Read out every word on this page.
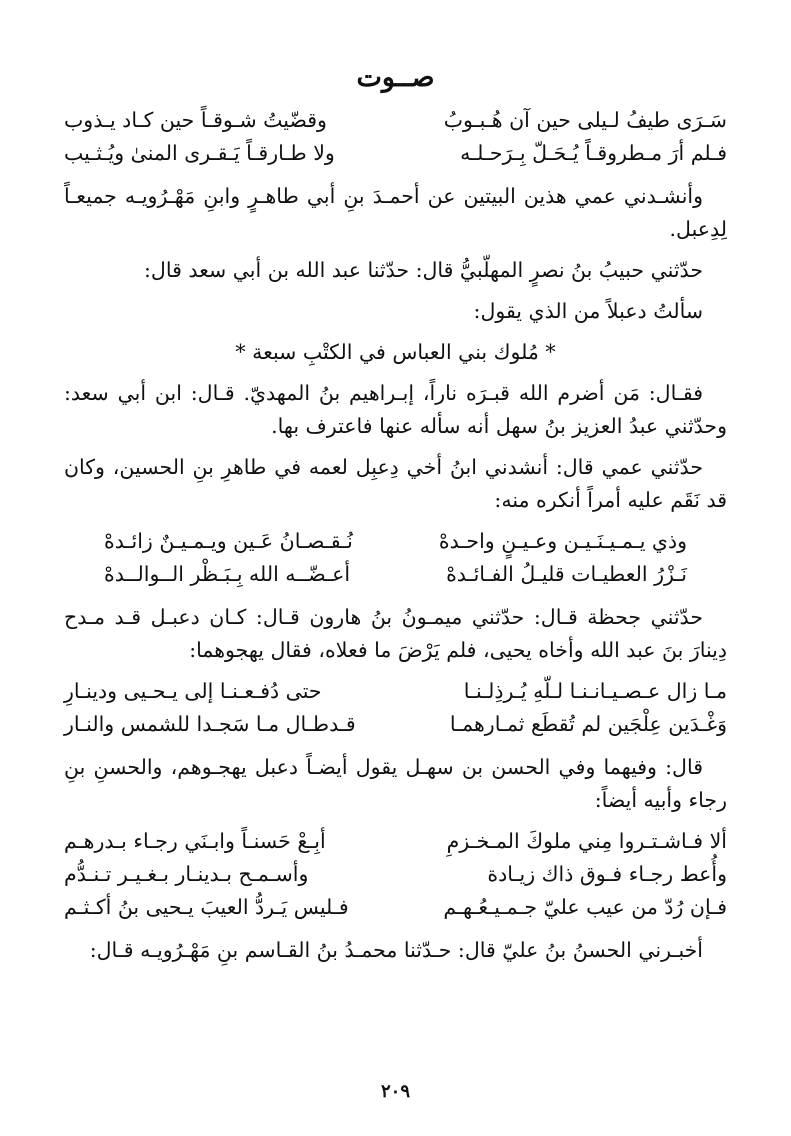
صــوت
سَـرَى طيفُ لـيلى حين آن هُـبـوبُ
وقضّيتُ شـوقـاً حين كـاد يـذوب
فـلم أرَ مـطروقـاً يُـحَـلّ بِـرَحـلـه
ولا طـارقـاً يَـقـرى المنىٰ ويُـثـيب

وأنشـدني عمي هذين البيتين عن أحمـدَ بنِ أبي طاهـرٍ وابنِ مَهْـرُويـه جميعـاً لِدِعبل.

حدّثني حبيبُ بنُ نصرٍ المهلّبيُّ قال: حدّثنا عبد الله بن أبي سعد قال:

سألتُ دعبلاً من الذي يقول:

* مُلوك بني العباس في الكتْبِ سبعة *

فقـال: مَن أضرم الله قبـرَه ناراً، إبـراهيم بنُ المهديّ. قـال: ابن أبي سعد: وحدّثني عبدُ العزيز بنُ سهل أنه سأله عنها فاعترف بها.

حدّثني عمي قال: أنشدني ابنُ أخي دِعبِل لعمه في طاهرِ بنِ الحسين، وكان قد نَقَم عليه أمراً أنكره منه:

وذي يـمـيـنَـيـن وعـيـنٍ واحـدهْ
نُـقـصـانُ عَـين ويـمـيـنٌ زائـدهْ
نَـزْرُ العطيـات قليـلُ الفـائـدهْ
أعـضّــه الله بِـبَـظْر الــوالــدهْ

حدّثني جحظة قـال: حدّثني ميمـونُ بنُ هارون قـال: كـان دعبـل قـد مـدح دِينارَ بنَ عبد الله وأخاه يحيى، فلم يَرْضَ ما فعلاه، فقال يهجوهما:

مـا زال عـصـيـانـنـا لـلّهِ يُـرذِلـنـا
حتى دُفـعـنـا إلى يـحـيى ودينـارِ
وَغْـدَين عِلْجَين لم تُقطَع ثمـارهمـا
قـدطـال مـا سَجـدا للشمس والنـار

قال: وفيهما وفي الحسن بن سهـل يقول أيضـاً دعبل يهجـوهم، والحسنِ بنِ رجاء وأبيه أيضاً:

ألا فـاشـتـروا مِني ملوكَ المـخـزمِ
أبِـعْ حَسنـاً وابـنَي رجـاء بـدرهـم
وأُعط رجـاء فـوق ذاك زيـادة
وأسـمـح بـدينـار بـغـيـر تـنـدُّم
فـإن رُدّ من عيب عليّ جـمـيـعُـهـم
فـليس يَـردُّ العيبَ يـحيى بنُ أكـثـم

أخبـرني الحسنُ بنُ عليّ قال: حـدّثنا محمـدُ بنُ القـاسم بنِ مَهْـرُويـه قـال:

٢٠٩
